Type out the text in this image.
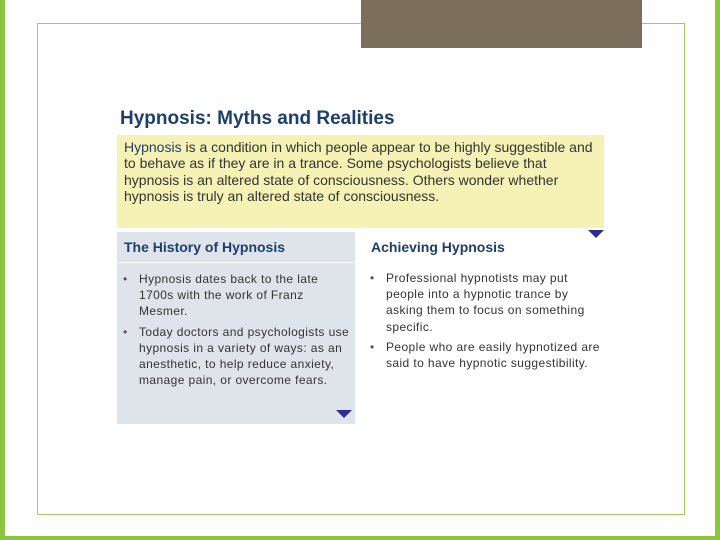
Hypnosis: Myths and Realities
Hypnosis is a condition in which people appear to be highly suggestible and to behave as if they are in a trance. Some psychologists believe that hypnosis is an altered state of consciousness. Others wonder whether hypnosis is truly an altered state of consciousness.
The History of Hypnosis	Achieving Hypnosis
• Hypnosis dates back to the late 1700s with the work of Franz Mesmer.
• Today doctors and psychologists use hypnosis in a variety of ways: as an anesthetic, to help reduce anxiety, manage pain, or overcome fears.
• Professional hypnotists may put people into a hypnotic trance by asking them to focus on something specific.
• People who are easily hypnotized are said to have hypnotic suggestibility.
